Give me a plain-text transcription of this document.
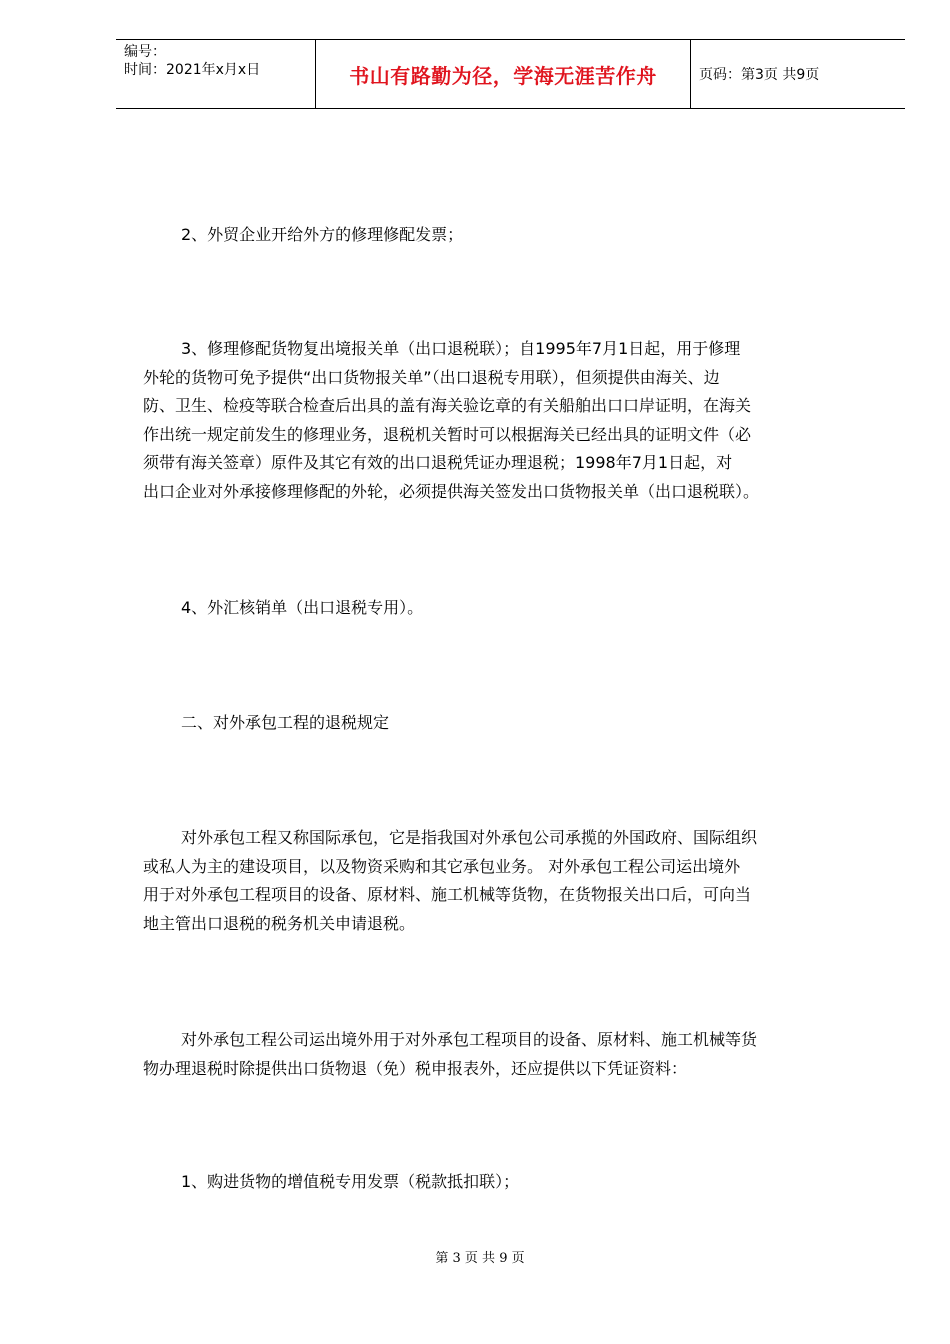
编号：
时间：2021年x月x日	书山有路勤为径，学海无涯苦作舟	页码：第3页 共9页
2、外贸企业开给外方的修理修配发票；
3、修理修配货物复出境报关单（出口退税联）；自1995年7月1日起，用于修理
外轮的货物可免予提供“出口货物报关单”（出口退税专用联），但须提供由海关、边
防、卫生、检疫等联合检查后出具的盖有海关验讫章的有关船舶出口口岸证明，在海关
作出统一规定前发生的修理业务，退税机关暂时可以根据海关已经出具的证明文件（必
须带有海关签章）原件及其它有效的出口退税凭证办理退税；1998年7月1日起，对
出口企业对外承接修理修配的外轮，必须提供海关签发出口货物报关单（出口退税联）。
4、外汇核销单（出口退税专用）。
二、对外承包工程的退税规定
对外承包工程又称国际承包，它是指我国对外承包公司承揽的外国政府、国际组织
或私人为主的建设项目，以及物资采购和其它承包业务。 对外承包工程公司运出境外
用于对外承包工程项目的设备、原材料、施工机械等货物，在货物报关出口后，可向当
地主管出口退税的税务机关申请退税。
对外承包工程公司运出境外用于对外承包工程项目的设备、原材料、施工机械等货
物办理退税时除提供出口货物退（免）税申报表外，还应提供以下凭证资料：
1、购进货物的增值税专用发票（税款抵扣联）；
第 3 页 共 9 页
